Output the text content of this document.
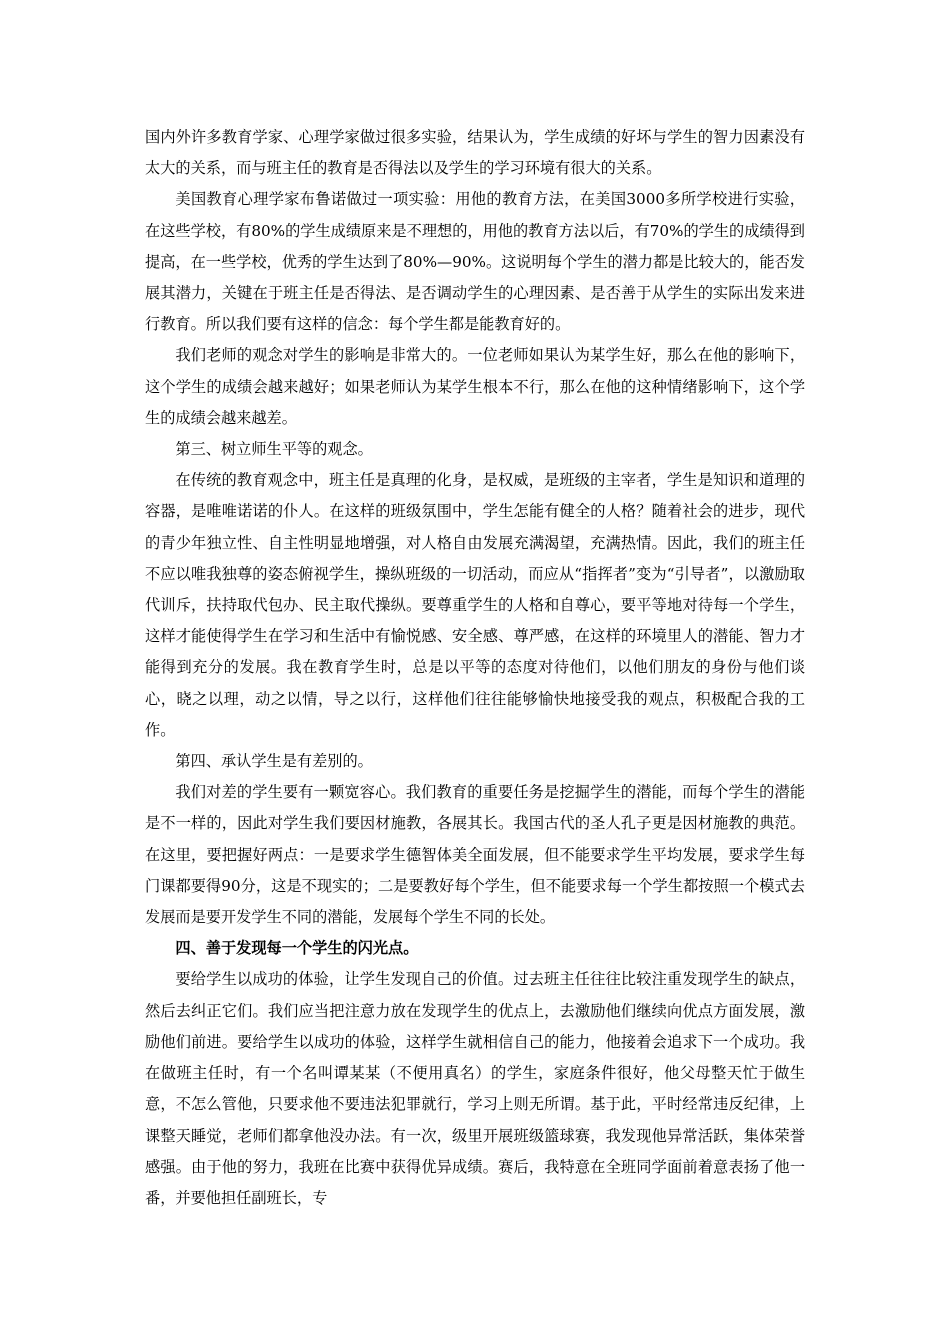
国内外许多教育学家、心理学家做过很多实验，结果认为，学生成绩的好坏与学生的智力因素没有太大的关系，而与班主任的教育是否得法以及学生的学习环境有很大的关系。

美国教育心理学家布鲁诺做过一项实验：用他的教育方法，在美国3000多所学校进行实验，在这些学校，有80%的学生成绩原来是不理想的，用他的教育方法以后，有70%的学生的成绩得到提高，在一些学校，优秀的学生达到了80%—90%。这说明每个学生的潜力都是比较大的，能否发展其潜力，关键在于班主任是否得法、是否调动学生的心理因素、是否善于从学生的实际出发来进行教育。所以我们要有这样的信念：每个学生都是能教育好的。

我们老师的观念对学生的影响是非常大的。一位老师如果认为某学生好，那么在他的影响下，这个学生的成绩会越来越好；如果老师认为某学生根本不行，那么在他的这种情绪影响下，这个学生的成绩会越来越差。

第三、树立师生平等的观念。

在传统的教育观念中，班主任是真理的化身，是权威，是班级的主宰者，学生是知识和道理的容器，是唯唯诺诺的仆人。在这样的班级氛围中，学生怎能有健全的人格？随着社会的进步，现代的青少年独立性、自主性明显地增强，对人格自由发展充满渴望，充满热情。因此，我们的班主任不应以唯我独尊的姿态俯视学生，操纵班级的一切活动，而应从“指挥者”变为“引导者”，以激励取代训斥，扶持取代包办、民主取代操纵。要尊重学生的人格和自尊心，要平等地对待每一个学生，这样才能使得学生在学习和生活中有愉悦感、安全感、尊严感，在这样的环境里人的潜能、智力才能得到充分的发展。我在教育学生时，总是以平等的态度对待他们，以他们朋友的身份与他们谈心，晓之以理，动之以情，导之以行，这样他们往往能够愉快地接受我的观点，积极配合我的工作。

第四、承认学生是有差别的。

我们对差的学生要有一颗宽容心。我们教育的重要任务是挖掘学生的潜能，而每个学生的潜能是不一样的，因此对学生我们要因材施教，各展其长。我国古代的圣人孔子更是因材施教的典范。在这里，要把握好两点：一是要求学生德智体美全面发展，但不能要求学生平均发展，要求学生每门课都要得90分，这是不现实的；二是要教好每个学生，但不能要求每一个学生都按照一个模式去发展而是要开发学生不同的潜能，发展每个学生不同的长处。

四、善于发现每一个学生的闪光点。

要给学生以成功的体验，让学生发现自己的价值。过去班主任往往比较注重发现学生的缺点，然后去纠正它们。我们应当把注意力放在发现学生的优点上，去激励他们继续向优点方面发展，激励他们前进。要给学生以成功的体验，这样学生就相信自己的能力，他接着会追求下一个成功。我在做班主任时，有一个名叫谭某某（不便用真名）的学生，家庭条件很好，他父母整天忙于做生意，不怎么管他，只要求他不要违法犯罪就行，学习上则无所谓。基于此，平时经常违反纪律，上课整天睡觉，老师们都拿他没办法。有一次，级里开展班级篮球赛，我发现他异常活跃，集体荣誉感强。由于他的努力，我班在比赛中获得优异成绩。赛后，我特意在全班同学面前着意表扬了他一番，并要他担任副班长，专
